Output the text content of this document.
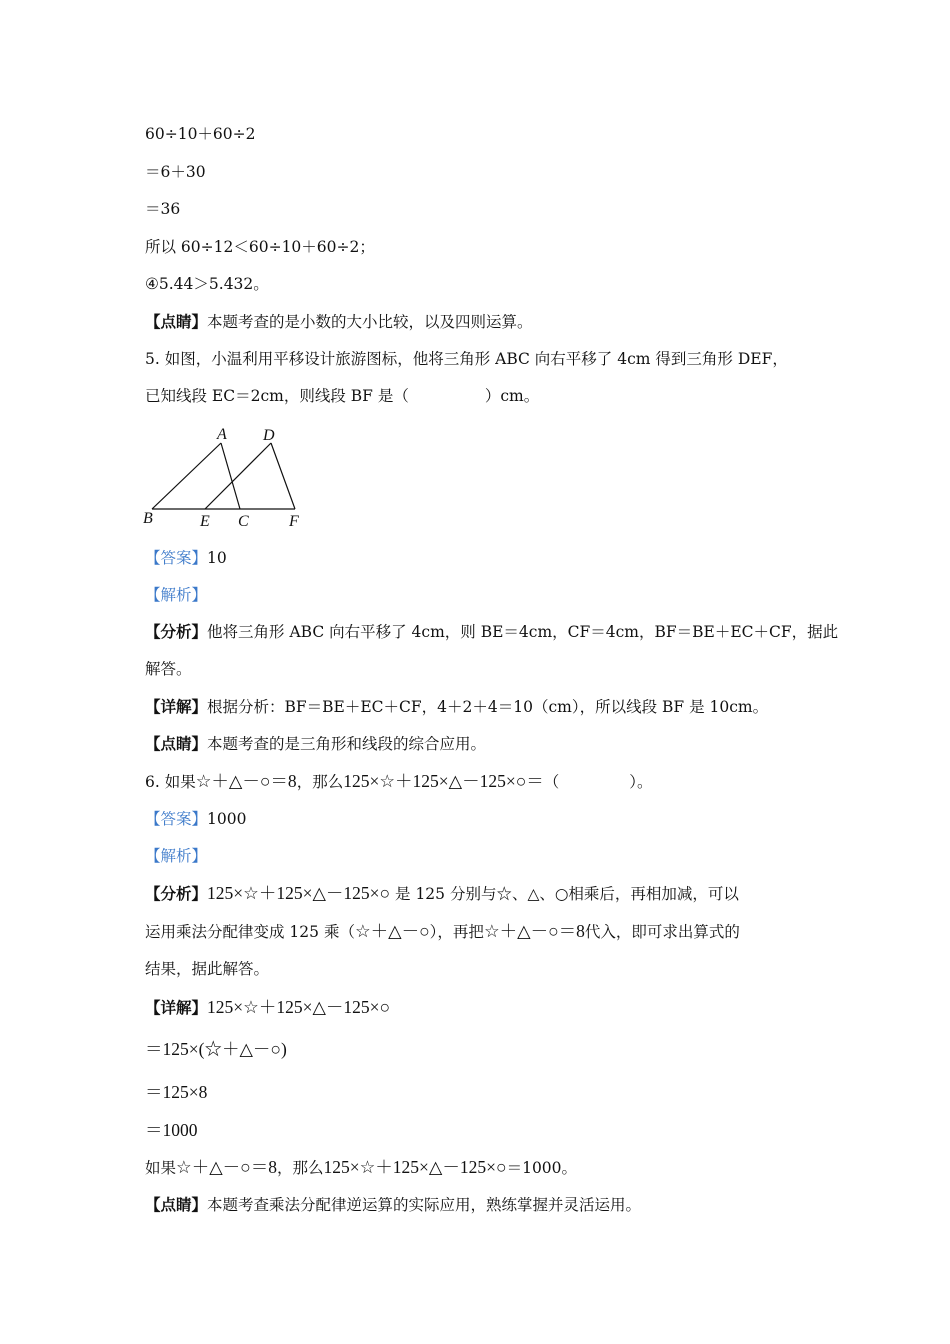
60÷10＋60÷2
＝6＋30
＝36
所以 60÷12＜60÷10＋60÷2；
④5.44＞5.432。
【点睛】本题考查的是小数的大小比较，以及四则运算。
5. 如图，小温利用平移设计旅游图标，他将三角形 ABC 向右平移了 4cm 得到三角形 DEF，
已知线段 EC＝2cm，则线段 BF 是（	）cm。
A D
B	E C	F
【答案】10
【解析】
【分析】他将三角形 ABC 向右平移了 4cm，则 BE＝4cm，CF＝4cm，BF＝BE＋EC＋CF，据此
解答。
【详解】根据分析：BF＝BE＋EC＋CF，4＋2＋4＝10（cm），所以线段 BF 是 10cm。
【点睛】本题考查的是三角形和线段的综合应用。
6. 如果☆＋△－○＝8，那么125×☆＋125×△－125×○＝（	）。
【答案】1000
【解析】
【分析】125×☆＋125×△－125×○ 是 125 分别与☆、△、○相乘后，再相加减，可以
运用乘法分配律变成 125 乘（☆＋△－○），再把☆＋△－○＝8代入，即可求出算式的
结果，据此解答。
【详解】125×☆＋125×△－125×○
＝125×(☆＋△－○)
＝125×8
＝1000
如果☆＋△－○＝8，那么125×☆＋125×△－125×○＝1000。
【点睛】本题考查乘法分配律逆运算的实际应用，熟练掌握并灵活运用。
